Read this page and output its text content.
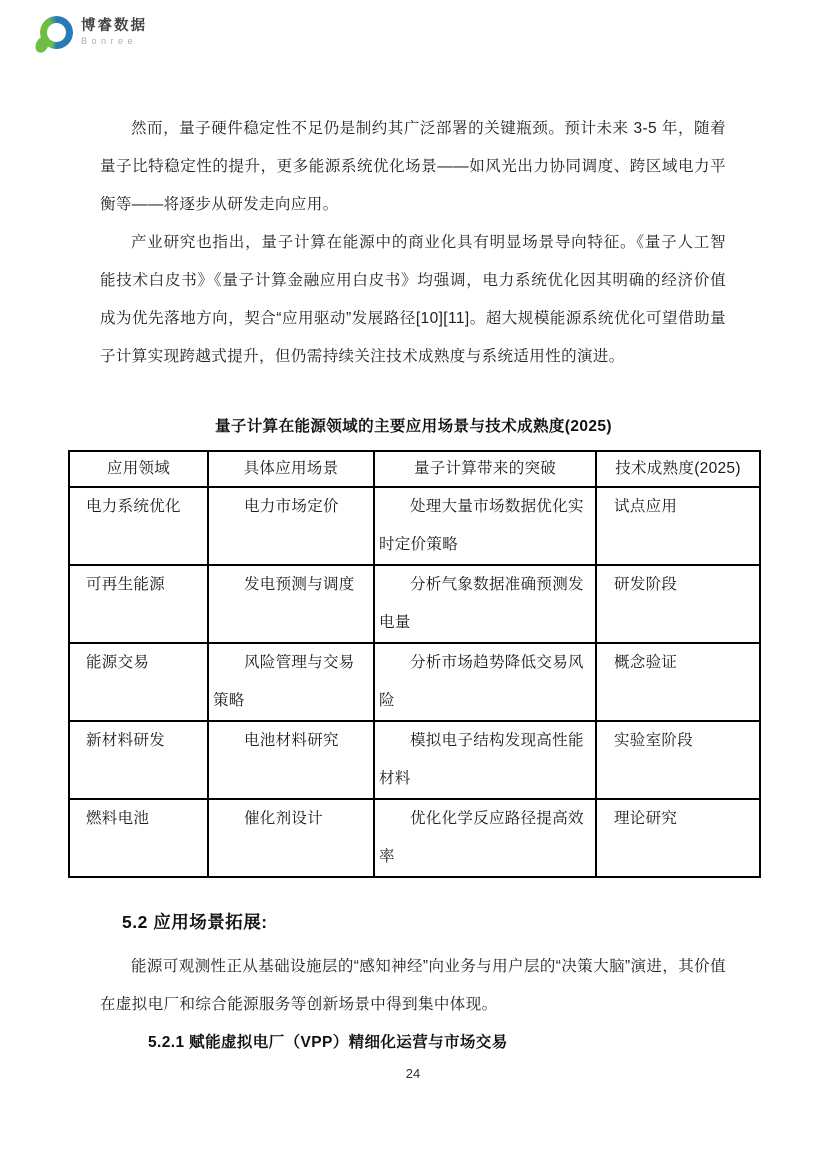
博睿数据
Bonree

然而，量子硬件稳定性不足仍是制约其广泛部署的关键瓶颈。预计未来 3-5 年，随着量子比特稳定性的提升，更多能源系统优化场景——如风光出力协同调度、跨区域电力平衡等——将逐步从研发走向应用。

产业研究也指出，量子计算在能源中的商业化具有明显场景导向特征。《量子人工智能技术白皮书》《量子计算金融应用白皮书》均强调，电力系统优化因其明确的经济价值成为优先落地方向，契合“应用驱动”发展路径[10][11]。超大规模能源系统优化可望借助量子计算实现跨越式提升，但仍需持续关注技术成熟度与系统适用性的演进。

量子计算在能源领域的主要应用场景与技术成熟度(2025)
应用领域	具体应用场景	量子计算带来的突破	技术成熟度(2025)
电力系统优化	电力市场定价	处理大量市场数据优化实时定价策略	试点应用
可再生能源	发电预测与调度	分析气象数据准确预测发电量	研发阶段
能源交易	风险管理与交易策略	分析市场趋势降低交易风险	概念验证
新材料研发	电池材料研究	模拟电子结构发现高性能材料	实验室阶段
燃料电池	催化剂设计	优化化学反应路径提高效率	理论研究
5.2 应用场景拓展:

能源可观测性正从基础设施层的“感知神经”向业务与用户层的“决策大脑”演进，其价值在虚拟电厂和综合能源服务等创新场景中得到集中体现。

5.2.1 赋能虚拟电厂（VPP）精细化运营与市场交易
24
